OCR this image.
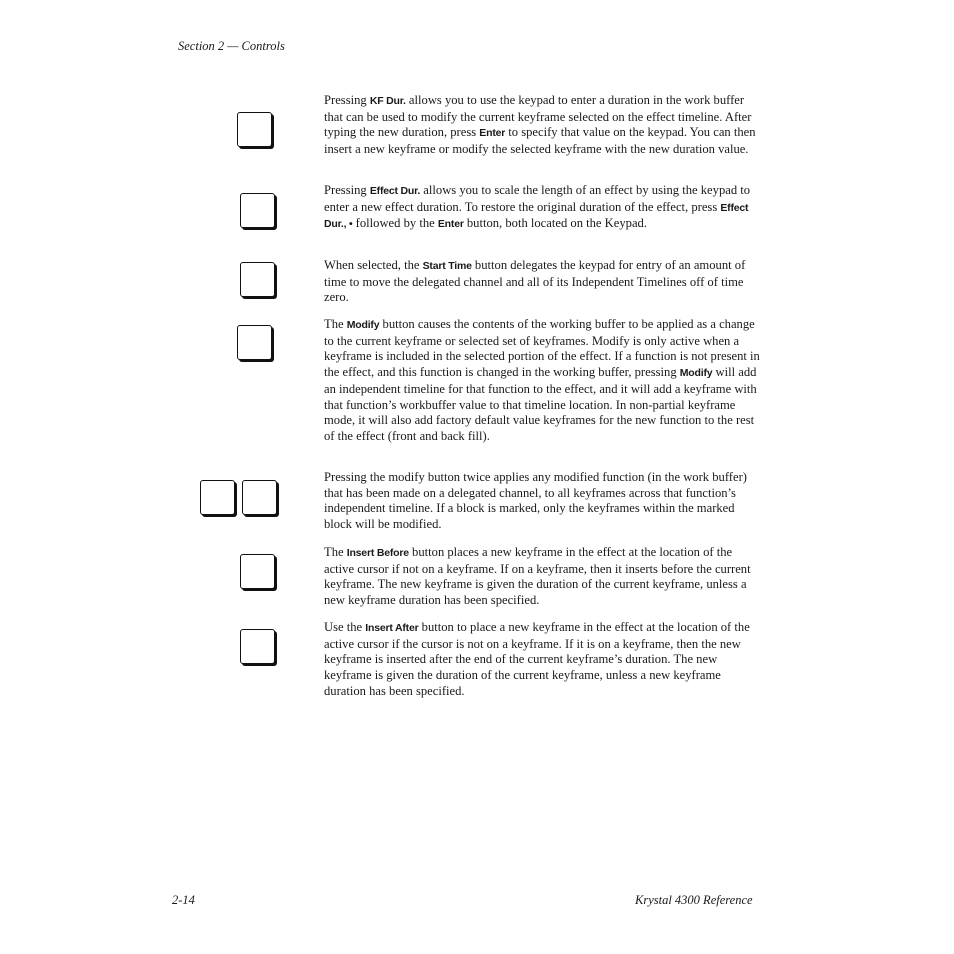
Section 2 — Controls

Pressing KF Dur. allows you to use the keypad to enter a duration in the work buffer that can be used to modify the current keyframe selected on the effect timeline. After typing the new duration, press Enter to specify that value on the keypad. You can then insert a new keyframe or modify the selected keyframe with the new duration value.

Pressing Effect Dur. allows you to scale the length of an effect by using the keypad to enter a new effect duration. To restore the original duration of the effect, press Effect Dur., • followed by the Enter button, both located on the Keypad.

When selected, the Start Time button delegates the keypad for entry of an amount of time to move the delegated channel and all of its Independent Timelines off of time zero.

The Modify button causes the contents of the working buffer to be applied as a change to the current keyframe or selected set of keyframes. Modify is only active when a keyframe is included in the selected portion of the effect. If a function is not present in the effect, and this function is changed in the working buffer, pressing Modify will add an independent timeline for that function to the effect, and it will add a keyframe with that function’s workbuffer value to that timeline location. In non-partial keyframe mode, it will also add factory default value keyframes for the new function to the rest of the effect (front and back fill).

Pressing the modify button twice applies any modified function (in the work buffer) that has been made on a delegated channel, to all keyframes across that function’s independent timeline. If a block is marked, only the keyframes within the marked block will be modified.

The Insert Before button places a new keyframe in the effect at the location of the active cursor if not on a keyframe. If on a keyframe, then it inserts before the current keyframe. The new keyframe is given the duration of the current keyframe, unless a new keyframe duration has been specified.

Use the Insert After button to place a new keyframe in the effect at the location of the active cursor if the cursor is not on a keyframe. If it is on a keyframe, then the new keyframe is inserted after the end of the current keyframe’s duration. The new keyframe is given the duration of the current keyframe, unless a new keyframe duration has been specified.

2-14	Krystal 4300 Reference
